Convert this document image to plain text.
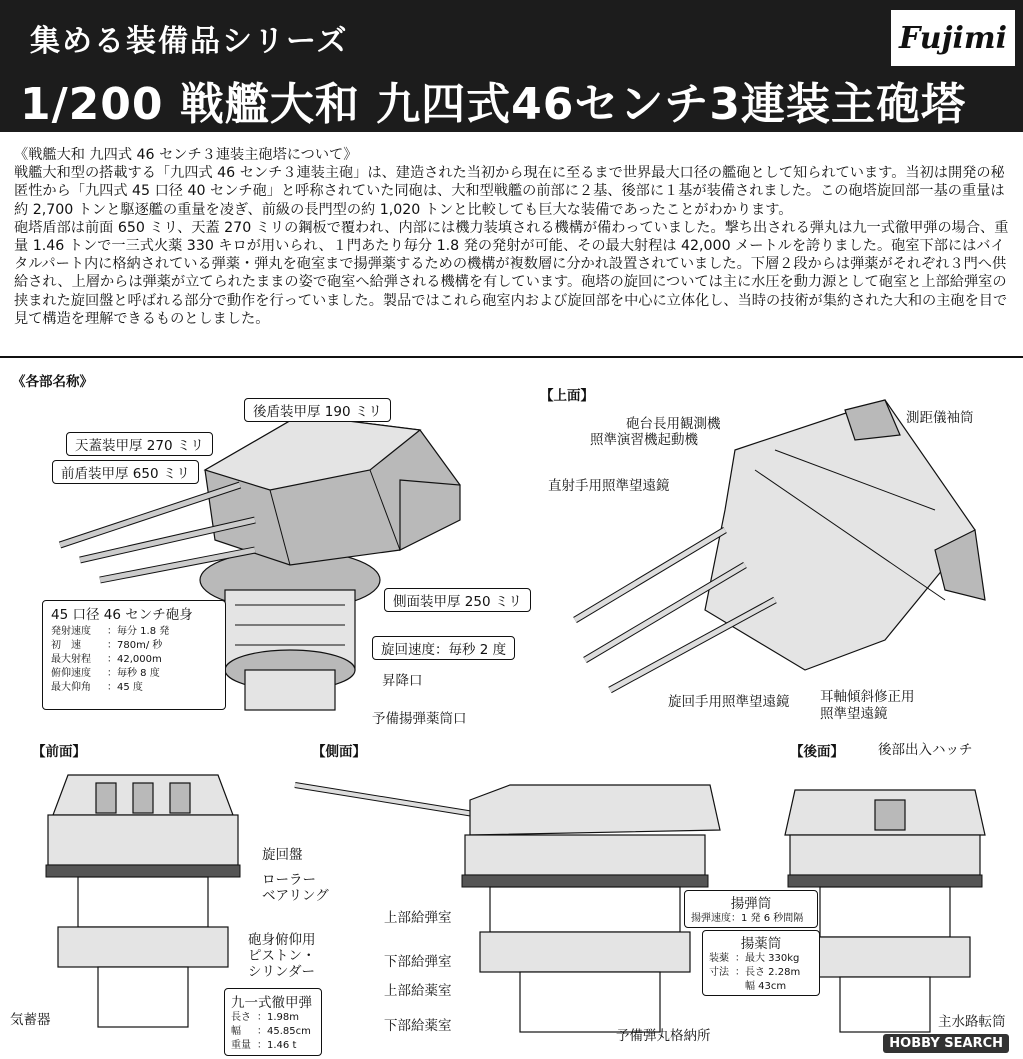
集める装備品シリーズ	Fujimi
1/200 戦艦大和 九四式46センチ3連装主砲塔

《戦艦大和 九四式 46 センチ３連装主砲塔について》

戦艦大和型の搭載する「九四式 46 センチ３連装主砲」は、建造された当初から現在に至るまで世界最大口径の艦砲として知られています。当初は開発の秘匿性から「九四式 45 口径 40 センチ砲」と呼称されていた同砲は、大和型戦艦の前部に２基、後部に１基が装備されました。この砲塔旋回部一基の重量は約 2,700 トンと駆逐艦の重量を凌ぎ、前級の長門型の約 1,020 トンと比較しても巨大な装備であったことがわかります。

砲塔盾部は前面 650 ミリ、天蓋 270 ミリの鋼板で覆われ、内部には機力装填される機構が備わっていました。撃ち出される弾丸は九一式徹甲弾の場合、重量 1.46 トンで一三式火薬 330 キロが用いられ、１門あたり毎分 1.8 発の発射が可能、その最大射程は 42,000 メートルを誇りました。砲室下部にはバイタルパート内に格納されている弾薬・弾丸を砲室まで揚弾薬するための機構が複数層に分かれ設置されていました。下層２段からは弾薬がそれぞれ３門へ供給され、上層からは弾薬が立てられたままの姿で砲室へ給弾される機構を有しています。砲塔の旋回については主に水圧を動力源として砲室と上部給弾室の挟まれた旋回盤と呼ばれる部分で動作を行っていました。製品ではこれら砲室内および旋回部を中心に立体化し、当時の技術が集約された大和の主砲を目で見て構造を理解できるものとしました。

《各部名称》
後盾装甲厚 190 ミリ
天蓋装甲厚 270 ミリ
前盾装甲厚 650 ミリ
側面装甲厚 250 ミリ
旋回速度：毎秒 2 度
昇降口
予備揚弾薬筒口
45 口径 46 センチ砲身
発射速度	：毎分 1.8 発
初　速	：780m/ 秒
最大射程	：42,000m
俯仰速度	：毎秒 8 度
最大仰角	：45 度
【上面】
砲台長用観測機	測距儀袖筒
照準演習機起動機
直射手用照準望遠鏡
旋回手用照準望遠鏡 耳軸傾斜修正用
照準望遠鏡
【前面】
旋回盤
ローラー
ベアリング
砲身俯仰用
ピストン・
シリンダー
気蓄器
九一式徹甲弾
長さ ：1.98m
幅	：45.85cm
重量 ：1.46 t
【側面】
上部給弾室
下部給弾室
上部給薬室
下部給薬室
予備弾丸格納所
【後面】	後部出入ハッチ
揚弾筒
揚弾速度：1 発 6 秒間隔
揚薬筒
装薬 ：最大 330kg
寸法 ：長さ 2.28m
　幅 43cm
主水路転筒
HOBBY SEARCH
